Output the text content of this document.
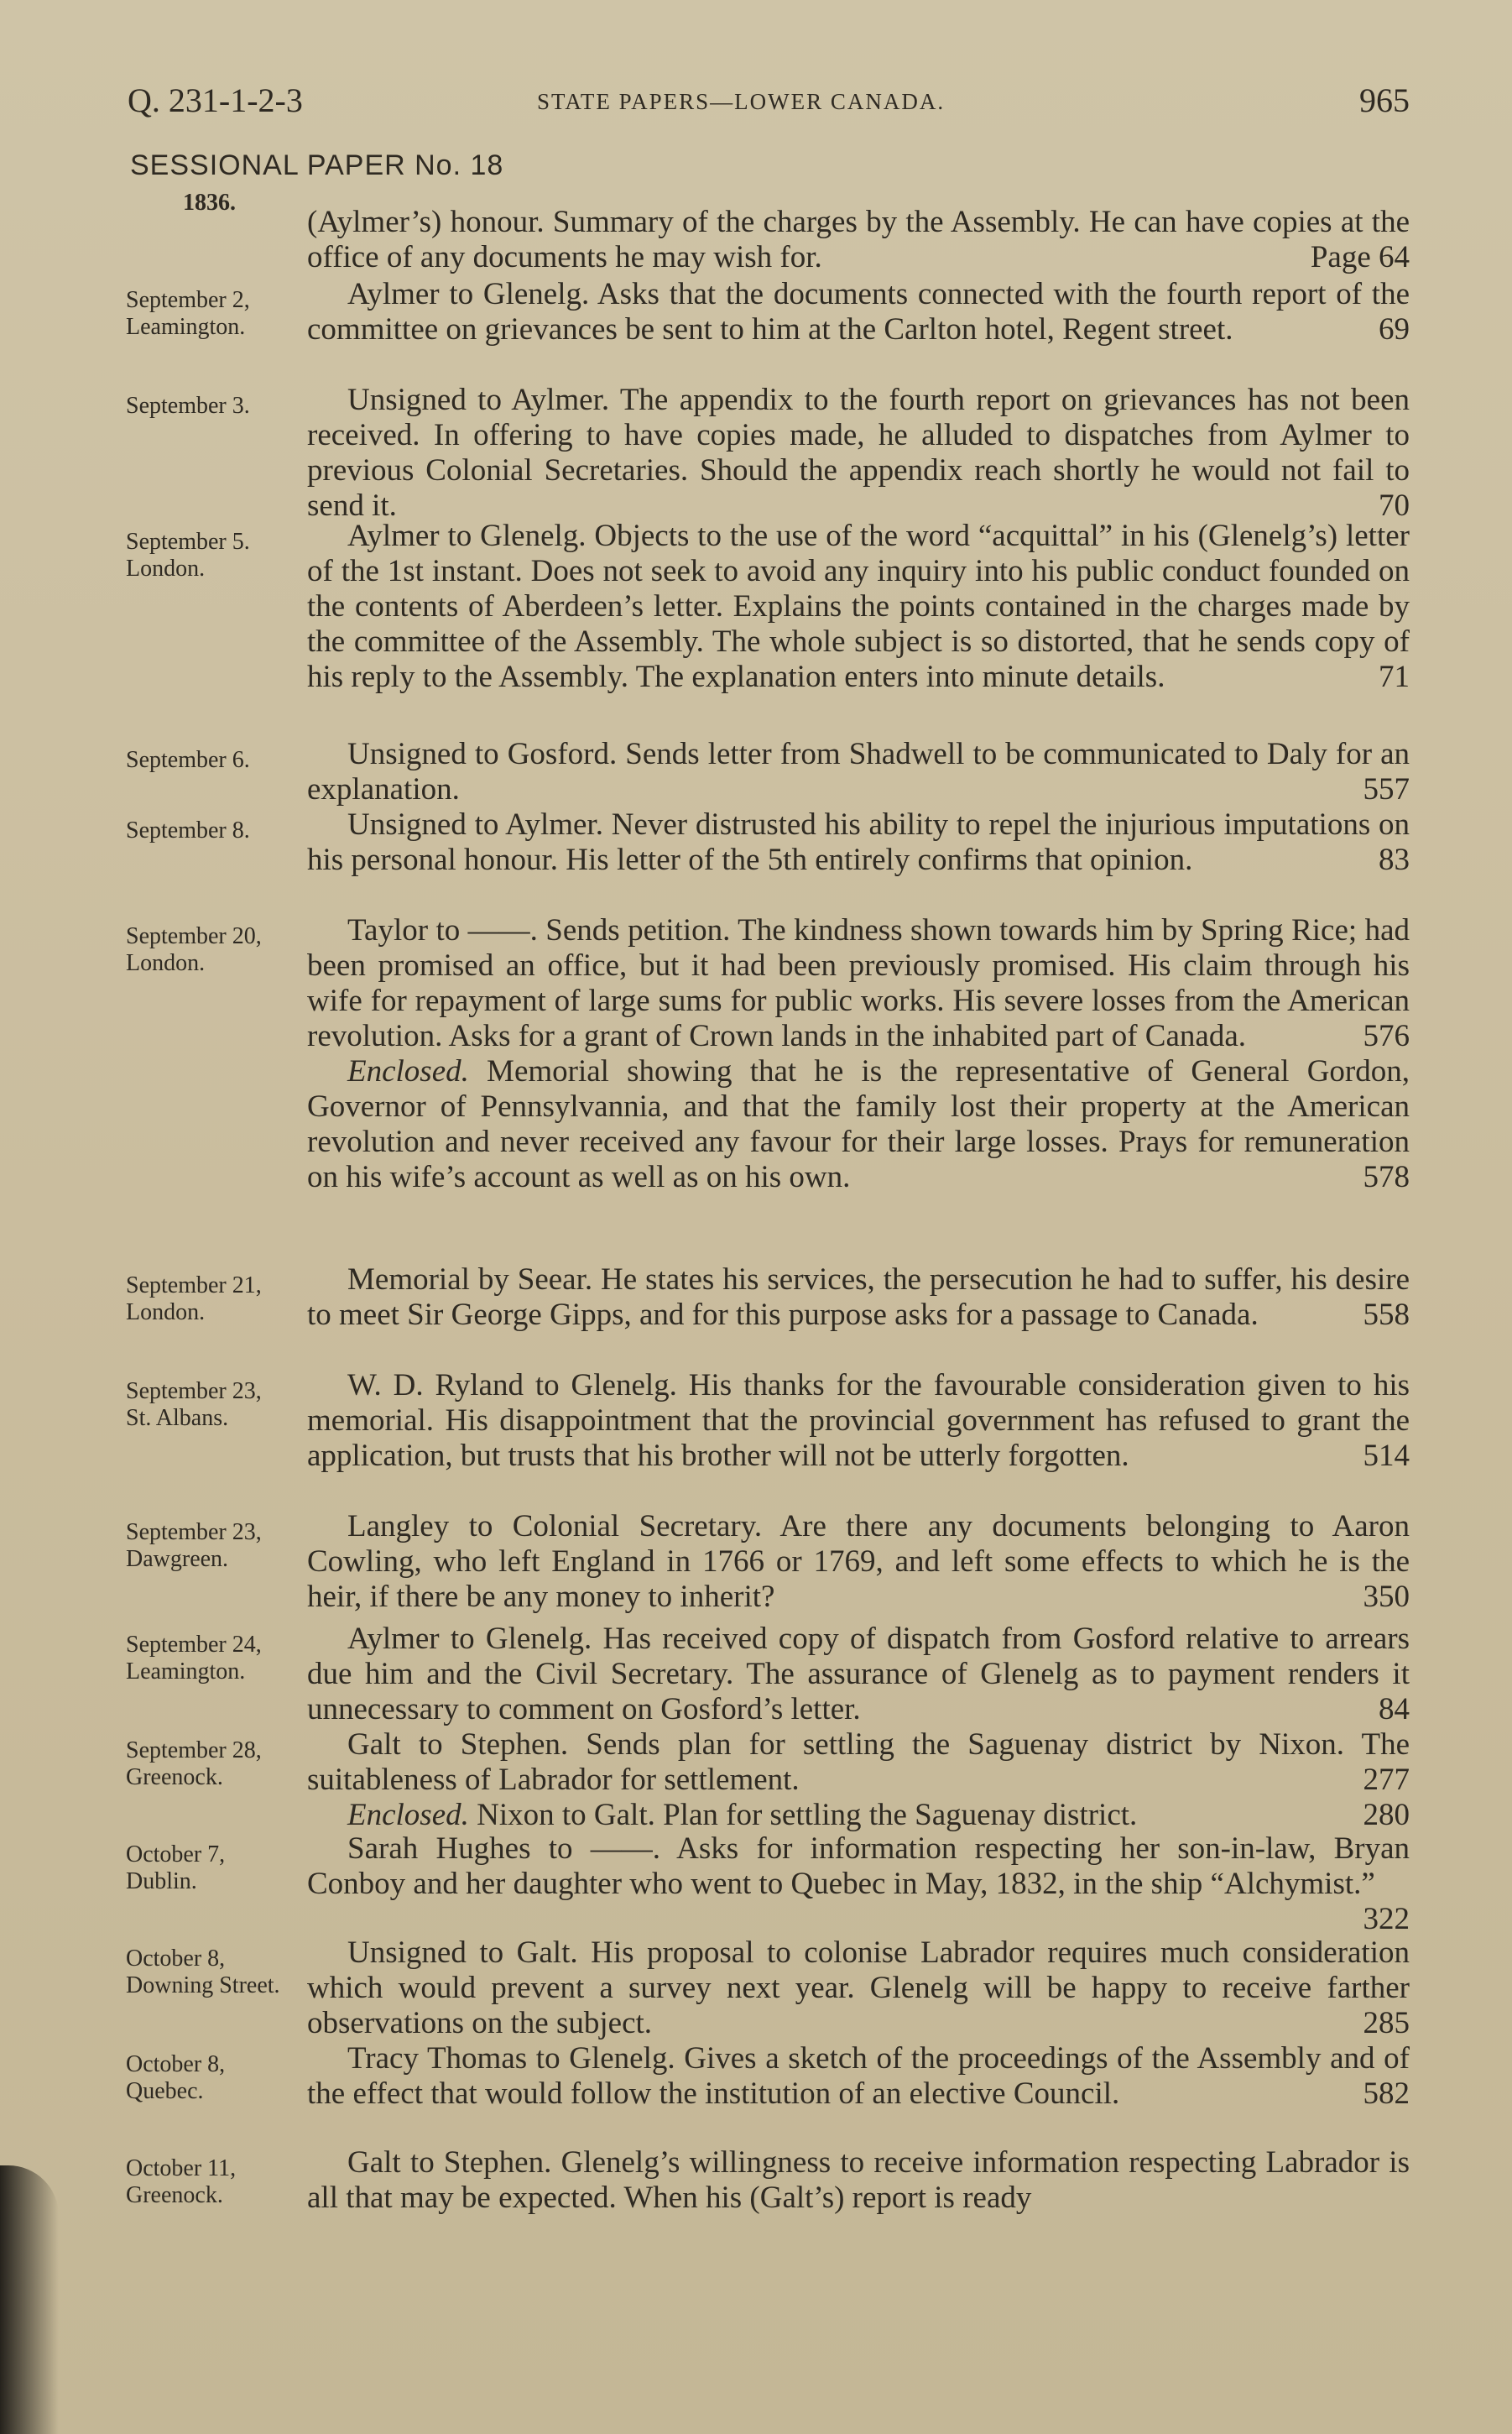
Q. 231-1-2-3	STATE PAPERS—LOWER CANADA.	965
SESSIONAL PAPER No. 18
1836.

(Aylmer’s) honour. Summary of the charges by the Assembly. He can have copies at the office of any documents he may wish for.	Page 64

September 2,
Leamington.

Aylmer to Glenelg. Asks that the documents connected with the fourth report of the committee on grievances be sent to him at the Carlton hotel, Regent street.	69

September 3.	Unsigned to Aylmer. The appendix to the fourth report on grievances has not been received. In offering to have copies made, he alluded to dispatches from Aylmer to previous Colonial Secretaries. Should the appendix reach shortly he would not fail to send it.	70

September 5.
London.

Aylmer to Glenelg. Objects to the use of the word “acquittal” in his (Glenelg’s) letter of the 1st instant. Does not seek to avoid any inquiry into his public conduct founded on the contents of Aberdeen’s letter. Explains the points contained in the charges made by the committee of the Assembly. The whole subject is so distorted, that he sends copy of his reply to the Assembly. The explanation enters into minute details.	71

September 6.	Unsigned to Gosford. Sends letter from Shadwell to be communicated to Daly for an explanation.	557

September 8.	Unsigned to Aylmer. Never distrusted his ability to repel the injurious imputations on his personal honour. His letter of the 5th entirely confirms that opinion.	83

September 20,
London.

Taylor to ——. Sends petition. The kindness shown towards him by Spring Rice; had been promised an office, but it had been previously promised. His claim through his wife for repayment of large sums for public works. His severe losses from the American revolution. Asks for a grant of Crown lands in the inhabited part of Canada.	576

Enclosed. Memorial showing that he is the representative of General Gordon, Governor of Pennsylvannia, and that the family lost their property at the American revolution and never received any favour for their large losses. Prays for remuneration on his wife’s account as well as on his own.	578

September 21,
London.

Memorial by Seear. He states his services, the persecution he had to suffer, his desire to meet Sir George Gipps, and for this purpose asks for a passage to Canada.	558

September 23,
St. Albans.

W. D. Ryland to Glenelg. His thanks for the favourable consideration given to his memorial. His disappointment that the provincial government has refused to grant the application, but trusts that his brother will not be utterly forgotten.	514

September 23,
Dawgreen.

Langley to Colonial Secretary. Are there any documents belonging to Aaron Cowling, who left England in 1766 or 1769, and left some effects to which he is the heir, if there be any money to inherit?	350

September 24,
Leamington.

Aylmer to Glenelg. Has received copy of dispatch from Gosford relative to arrears due him and the Civil Secretary. The assurance of Glenelg as to payment renders it unnecessary to comment on Gosford’s letter.	84

September 28,
Greenock.

Galt to Stephen. Sends plan for settling the Saguenay district by Nixon. The suitableness of Labrador for settlement.	277

Enclosed. Nixon to Galt. Plan for settling the Saguenay district.	280

October 7,
Dublin.

Sarah Hughes to ——. Asks for information respecting her son-in-law, Bryan Conboy and her daughter who went to Quebec in May, 1832, in the ship “Alchymist.”
322

October 8,
Downing Street.

Unsigned to Galt. His proposal to colonise Labrador requires much consideration which would prevent a survey next year. Glenelg will be happy to receive farther observations on the subject.	285

October 8,
Quebec.

Tracy Thomas to Glenelg. Gives a sketch of the proceedings of the Assembly and of the effect that would follow the institution of an elective Council.	582

October 11,
Greenock.

Galt to Stephen. Glenelg’s willingness to receive information respecting Labrador is all that may be expected. When his (Galt’s) report is ready
